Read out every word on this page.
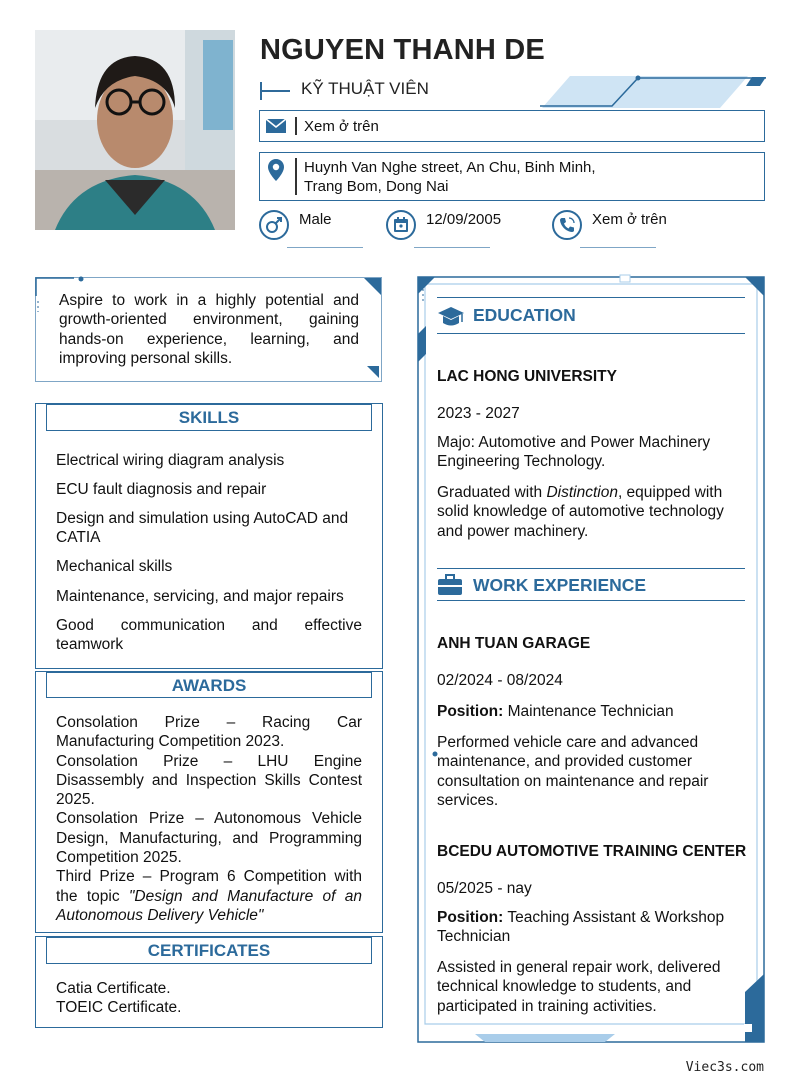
NGUYEN THANH DE
KỸ THUẬT VIÊN
Xem ở trên
Huynh Van Nghe street, An Chu, Binh Minh,
Trang Bom, Dong Nai
Male	12/09/2005	Xem ở trên
Aspire to work in a highly potential and growth-oriented environment, gaining hands-on experience, learning, and improving personal skills.
SKILLS
Electrical wiring diagram analysis
ECU fault diagnosis and repair
Design and simulation using AutoCAD and CATIA
Mechanical skills
Maintenance, servicing, and major repairs
Good communication and effective teamwork
AWARDS
Consolation Prize – Racing Car Manufacturing Competition 2023.
Consolation Prize – LHU Engine Disassembly and Inspection Skills Contest 2025.
Consolation Prize – Autonomous Vehicle Design, Manufacturing, and Programming Competition 2025.
Third Prize – Program 6 Competition with the topic "Design and Manufacture of an Autonomous Delivery Vehicle"
CERTIFICATES
Catia Certificate.
TOEIC Certificate.
EDUCATION
LAC HONG UNIVERSITY
2023 - 2027
Majo: Automotive and Power Machinery Engineering Technology.
Graduated with Distinction, equipped with solid knowledge of automotive technology and power machinery.
WORK EXPERIENCE
ANH TUAN GARAGE
02/2024 - 08/2024
Position: Maintenance Technician
Performed vehicle care and advanced maintenance, and provided customer consultation on maintenance and repair services.
BCEDU AUTOMOTIVE TRAINING CENTER
05/2025 - nay
Position: Teaching Assistant & Workshop Technician
Assisted in general repair work, delivered technical knowledge to students, and participated in training activities.
Viec3s.com
